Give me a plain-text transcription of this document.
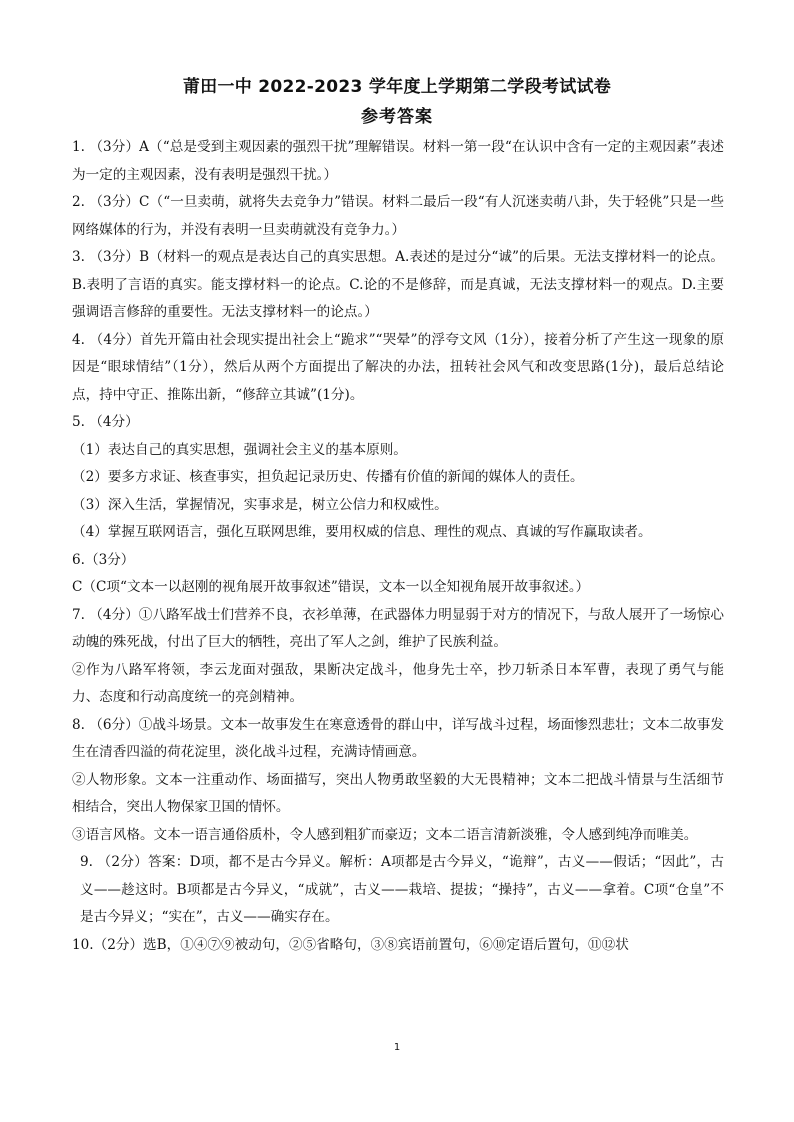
莆田一中 2022-2023 学年度上学期第二学段考试试卷
参考答案

1. （3分）A（“总是受到主观因素的强烈干扰”理解错误。材料一第一段“在认识中含有一定的主观因素”表述为一定的主观因素，没有表明是强烈干扰。）

2. （3分）C（“一旦卖萌，就将失去竞争力”错误。材料二最后一段“有人沉迷卖萌八卦，失于轻佻”只是一些网络媒体的行为，并没有表明一旦卖萌就没有竞争力。）

3. （3分）B（材料一的观点是表达自己的真实思想。A.表述的是过分“诚”的后果。无法支撑材料一的论点。B.表明了言语的真实。能支撑材料一的论点。C.论的不是修辞，而是真诚，无法支撑材料一的观点。D.主要强调语言修辞的重要性。无法支撑材料一的论点。）

4. （4分）首先开篇由社会现实提出社会上“跪求”“哭晕”的浮夸文风（1分），接着分析了产生这一现象的原因是“眼球情结”（1分），然后从两个方面提出了解决的办法，扭转社会风气和改变思路(1分)，最后总结论点，持中守正、推陈出新，“修辞立其诚”(1分)。

5. （4分）

（1）表达自己的真实思想，强调社会主义的基本原则。

（2）要多方求证、核查事实，担负起记录历史、传播有价值的新闻的媒体人的责任。

（3）深入生活，掌握情况，实事求是，树立公信力和权威性。

（4）掌握互联网语言，强化互联网思维，要用权威的信息、理性的观点、真诚的写作赢取读者。

6.（3分）

C（C项“文本一以赵刚的视角展开故事叙述”错误，文本一以全知视角展开故事叙述。）

7. （4分）①八路军战士们营养不良，衣衫单薄，在武器体力明显弱于对方的情况下，与敌人展开了一场惊心动魄的殊死战，付出了巨大的牺牲，亮出了军人之剑，维护了民族利益。

②作为八路军将领，李云龙面对强敌，果断决定战斗，他身先士卒，抄刀斩杀日本军曹，表现了勇气与能力、态度和行动高度统一的亮剑精神。

8. （6分）①战斗场景。文本一故事发生在寒意透骨的群山中，详写战斗过程，场面惨烈悲壮；文本二故事发生在清香四溢的荷花淀里，淡化战斗过程，充满诗情画意。

②人物形象。文本一注重动作、场面描写，突出人物勇敢坚毅的大无畏精神；文本二把战斗情景与生活细节相结合，突出人物保家卫国的情怀。

③语言风格。文本一语言通俗质朴，令人感到粗犷而豪迈；文本二语言清新淡雅，令人感到纯净而唯美。

9. （2分）答案：D项，都不是古今异义。解析：A项都是古今异义，“诡辩”，古义——假话；“因此”，古义——趁这时。B项都是古今异义，“成就”，古义——栽培、提拔；“操持”，古义——拿着。C项“仓皇”不是古今异义；“实在”，古义——确实存在。

10.（2分）选B，①④⑦⑨被动句，②⑤省略句，③⑧宾语前置句，⑥⑩定语后置句，⑪⑫状

1
